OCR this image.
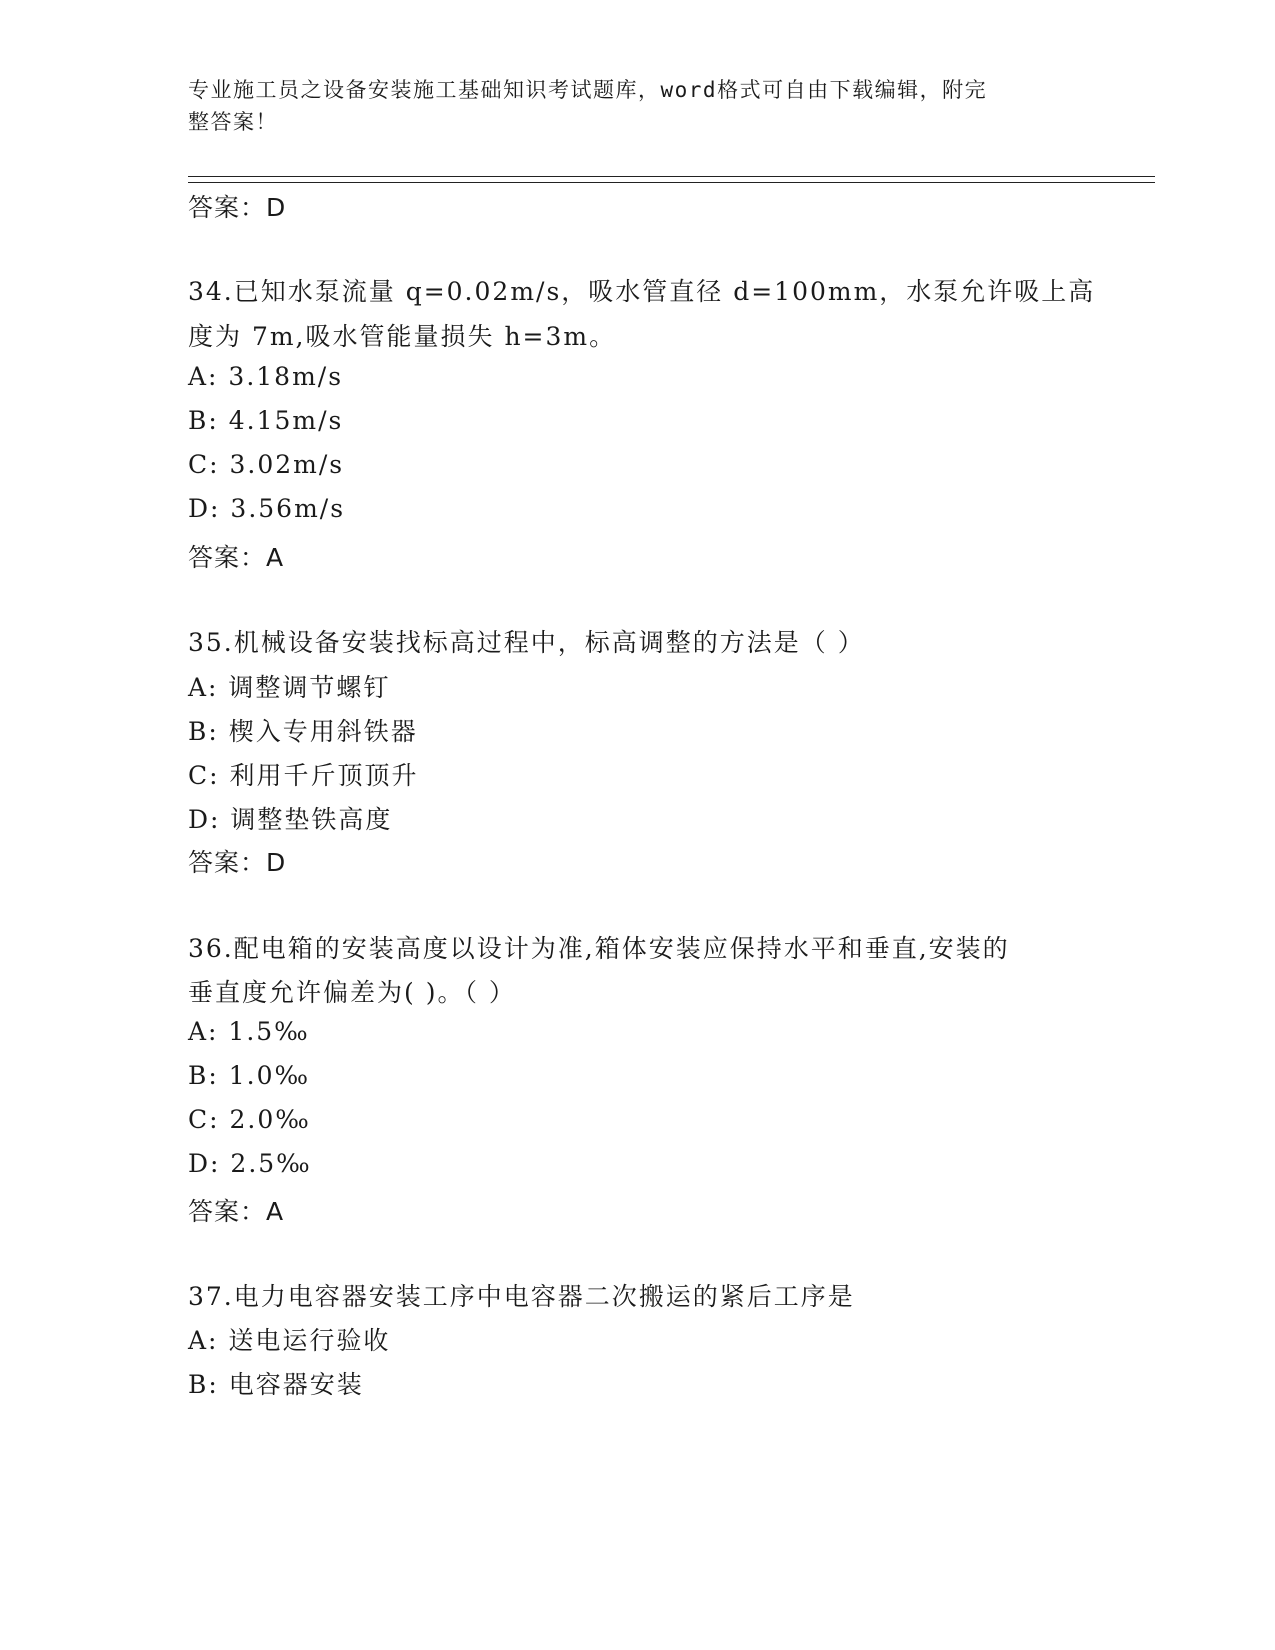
专业施工员之设备安装施工基础知识考试题库，word格式可自由下载编辑，附完
整答案！
答案：D
34.已知水泵流量 q=0.02m/s，吸水管直径 d=100mm，水泵允许吸上高
度为 7m,吸水管能量损失 h=3m。
A: 3.18m/s
B: 4.15m/s
C: 3.02m/s
D: 3.56m/s
答案：A
35.机械设备安装找标高过程中，标高调整的方法是（ ）
A: 调整调节螺钉
B: 楔入专用斜铁器
C: 利用千斤顶顶升
D: 调整垫铁高度
答案：D
36.配电箱的安装高度以设计为准,箱体安装应保持水平和垂直,安装的
垂直度允许偏差为( )。（ ）
A: 1.5‰
B: 1.0‰
C: 2.0‰
D: 2.5‰
答案：A
37.电力电容器安装工序中电容器二次搬运的紧后工序是
A: 送电运行验收
B: 电容器安装
